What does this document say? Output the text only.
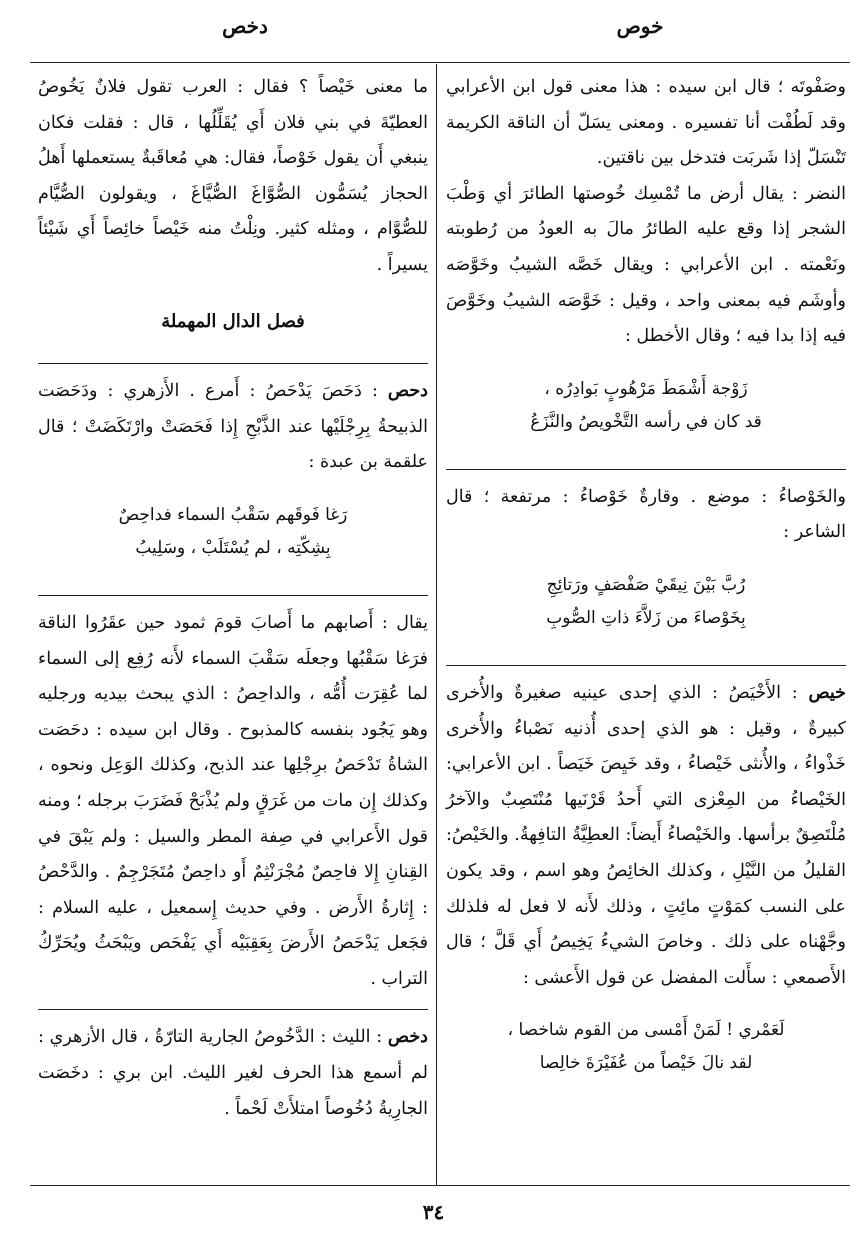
خوص
دخص

وصَفْوتَه ؛ قال ابن سيده : هذا معنى قول ابن الأعرابي وقد لَطُفْت أنا تفسيره . ومعنى يسَلّ أن الناقة الكريمة تَنْسَلّ إذا شَربَت فتدخل بين ناقتين.

النضر : يقال أرض ما تُمْسِك خُوصتها الطائرَ أي وَطْبَ الشجر إذا وقع عليه الطائرُ مالَ به العودُ من رُطوبته ونَعْمته . ابن الأعرابي : ويقال خَصَّه الشيبُ وخَوَّصَه وأوشَم فيه بمعنى واحد ، وقيل : خَوَّصَه الشيبُ وخَوَّصَ فيه إذا بدا فيه ؛ وقال الأخطل :

زَوْجة أَشْمَطَ مَرْهُوبٍ بَوادِرُه ،

قد كان في رأسه التَّخْويصُ والنَّزَعُ

والخَوْصاءُ : موضع . وقارةٌ خَوْصاءُ : مرتفعة ؛ قال الشاعر :

رُبَّ بَيْنَ نِيقَيْ صَفْصَفٍ ورَتائِجِ

بِخَوْصاءَ من زَلاَّءَ ذاتِ الصُّوبِ

خيص : الأَخْيَصُ : الذي إحدى عينيه صغيرةٌ والأُخرى كبيرةٌ ، وقيل : هو الذي إحدى أُذنيه نَصْباءُ والأُخرى خَذْواءُ ، والأُنثى خَيْصاءُ ، وقد خَيِصَ خَيَصاً . ابن الأعرابي: الخَيْصاءُ من المِعْزى التي أَحدُ قَرْنَيها مُنْتَصِبٌ والآخرُ مُلْتَصِقٌ برأسها. والخَيْصاءُ أَيضاً: العطِيَّةُ التافِهةُ. والخَيْصُ: القليلُ من النَّيْلِ ، وكذلك الخائِصُ وهو اسم ، وقد يكون على النسب كمَوْتٍ مائِتٍ ، وذلك لأَنه لا فعل له فلذلك وجَّهْناه على ذلك . وخاصَ الشيءُ يَخِيصُ أَي قَلَّ ؛ قال الأَصمعي : سأَلت المفضل عن قول الأَعشى :

لَعَمْري ! لَمَنْ أَمْسى من القوم شاخصا ،

لقد نالَ خَيْصاً من عُفَيْرَةَ خالِصا

ما معنى خَيْصاً ؟ فقال : العرب تقول فلانٌ يَخُوصُ العطيّةَ في بني فلان أَي يُقَلِّلُها ، قال : فقلت فكان ينبغي أَن يقول خَوْصاً، فقال: هي مُعاقَبةٌ يستعملها أَهلُ الحجاز يُسَمُّون الصُّوَّاغَ الصُّيَّاغَ ، ويقولون الصُّيَّام للصُّوَّام ، ومثله كثير. ونِلْتُ منه خَيْصاً خائِصاً أَي شَيْئاً يسيراً .

فصل الدال المهملة

دحص : دَحَصَ يَدْحَصُ : أَمرع . الأَزهري : ودَحَصَت الذبيحةُ بِرِجْلَيْها عند الذَّبْحِ إِذا فَحَصَتْ وارْتَكَضَتْ ؛ قال علقمة بن عبدة :

رَغا فَوقَهم سَقْبُ السماء فداحِصٌ

بِشِكّتِه ، لم يُسْتَلَبْ ، وسَلِيبُ

يقال : أَصابهم ما أَصابَ قومَ ثمود حين عقَرُوا الناقة فرَغا سَقْبُها وجعلَه سَقْبَ السماء لأَنه رُفِع إلى السماء لما عُقِرَت أُمُّه ، والداحِصُ : الذي يبحث بيديه ورجليه وهو يَجُود بنفسه كالمذبوح . وقال ابن سيده : دحَصَت الشاةُ تَدْحَصُ برِجْلِها عند الذبح، وكذلك الوَعِل ونحوه ، وكذلك إِن مات من غَرَقٍ ولم يُذْبَحْ فَضَرَبَ برجله ؛ ومنه قول الأَعرابي في صِفة المطر والسيل : ولم يَبْقَ في القِنانِ إِلا فاحِصٌ مُجْرَنْثِمٌ أَو داحِصٌ مُتَجَرْجِمٌ . والدَّحْصُ : إِثارةُ الأَرض . وفي حديث إِسمعيل ، عليه السلام : فجَعل يَدْحَصُ الأَرضَ بِعَقِبَيْه أَي يَفْحَص ويَبْحَثُ ويُحَرِّكُ التراب .

دخص : الليث : الدَّخُوصُ الجارية التارّةُ ، قال الأزهري : لم أسمع هذا الحرف لغير الليث. ابن بري : دخَصَت الجارِيةُ دُخُوصاً امتلأَتْ لَحْماً .

٣٤
